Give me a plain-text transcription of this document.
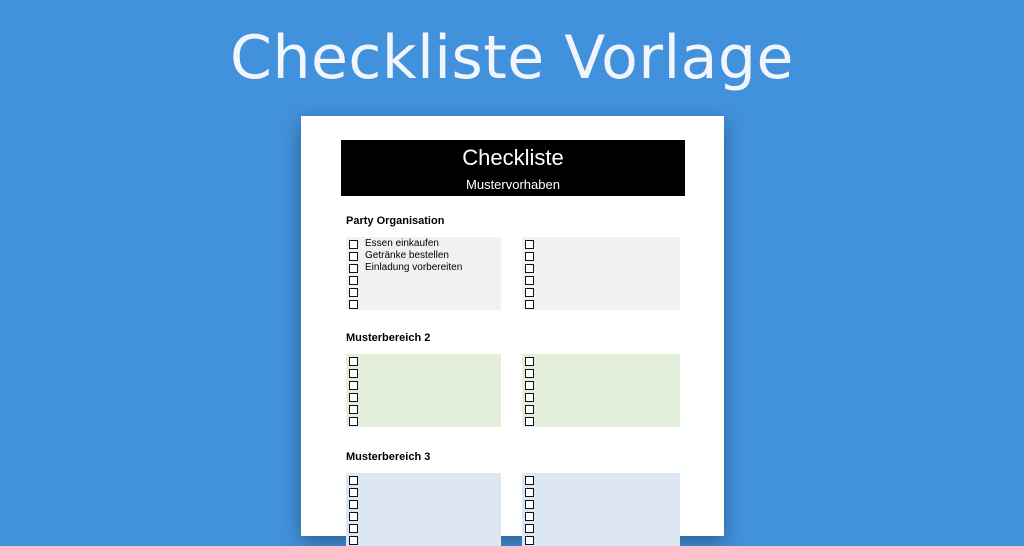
Checkliste Vorlage
Checkliste
Mustervorhaben
Party Organisation
Essen einkaufen
Getränke bestellen
Einladung vorbereiten
Musterbereich 2
Musterbereich 3
